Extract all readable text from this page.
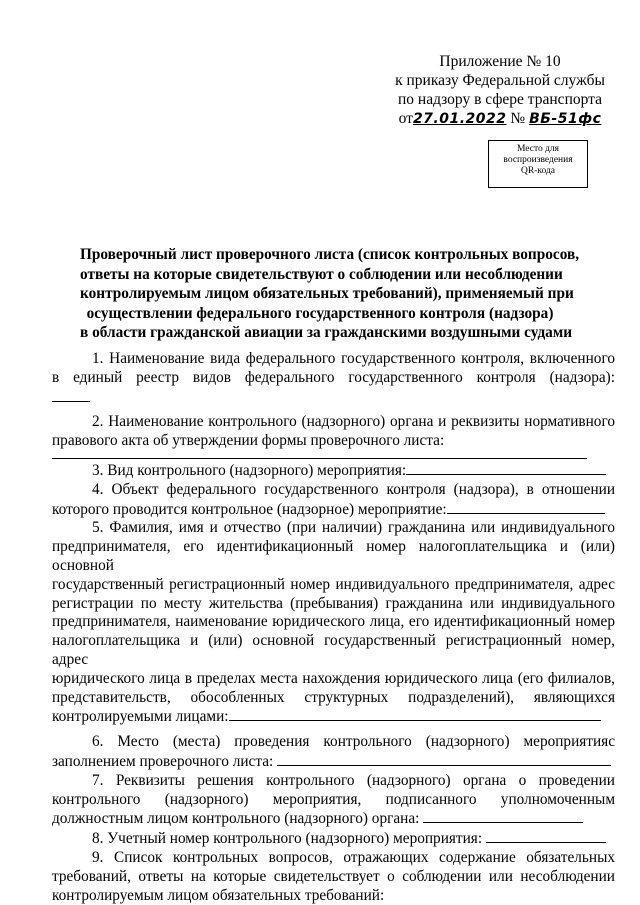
Приложение № 10
к приказу Федеральной службы
по надзору в сфере транспорта
от27.01.2022 № ВБ-51фс
Место для
воспроизведения
QR-кода

Проверочный лист проверочного листа (список контрольных вопросов,

ответы на которые свидетельствуют о соблюдении или несоблюдении

контролируемым лицом обязательных требований), применяемый при

осуществлении федерального государственного контроля (надзора)

в области гражданской авиации за гражданскими воздушными судами

1. Наименование вида федерального государственного контроля, включенного
в единый реестр видов федерального государственного контроля (надзора):
2. Наименование контрольного (надзорного) органа и реквизиты нормативного
правового акта об утверждении формы проверочного листа:
3. Вид контрольного (надзорного) мероприятия:
4. Объект федерального государственного контроля (надзора), в отношении
которого проводится контрольное (надзорное) мероприятие:
5. Фамилия, имя и отчество (при наличии) гражданина или индивидуального
предпринимателя, его идентификационный номер налогоплательщика и (или) основной
государственный регистрационный номер индивидуального предпринимателя, адрес
регистрации по месту жительства (пребывания) гражданина или индивидуального
предпринимателя, наименование юридического лица, его идентификационный номер
налогоплательщика и (или) основной государственный регистрационный номер, адрес
юридического лица в пределах места нахождения юридического лица (его филиалов,
представительств, обособленных структурных подразделений), являющихся
контролируемыми лицами:
6. Место (места) проведения контрольного (надзорного) мероприятияс
заполнением проверочного листа:
7. Реквизиты решения контрольного (надзорного) органа о проведении
контрольного (надзорного) мероприятия, подписанного уполномоченным
должностным лицом контрольного (надзорного) органа:
8. Учетный номер контрольного (надзорного) мероприятия:
9. Список контрольных вопросов, отражающих содержание обязательных
требований, ответы на которые свидетельствует о соблюдении или несоблюдении
контролируемым лицом обязательных требований:
